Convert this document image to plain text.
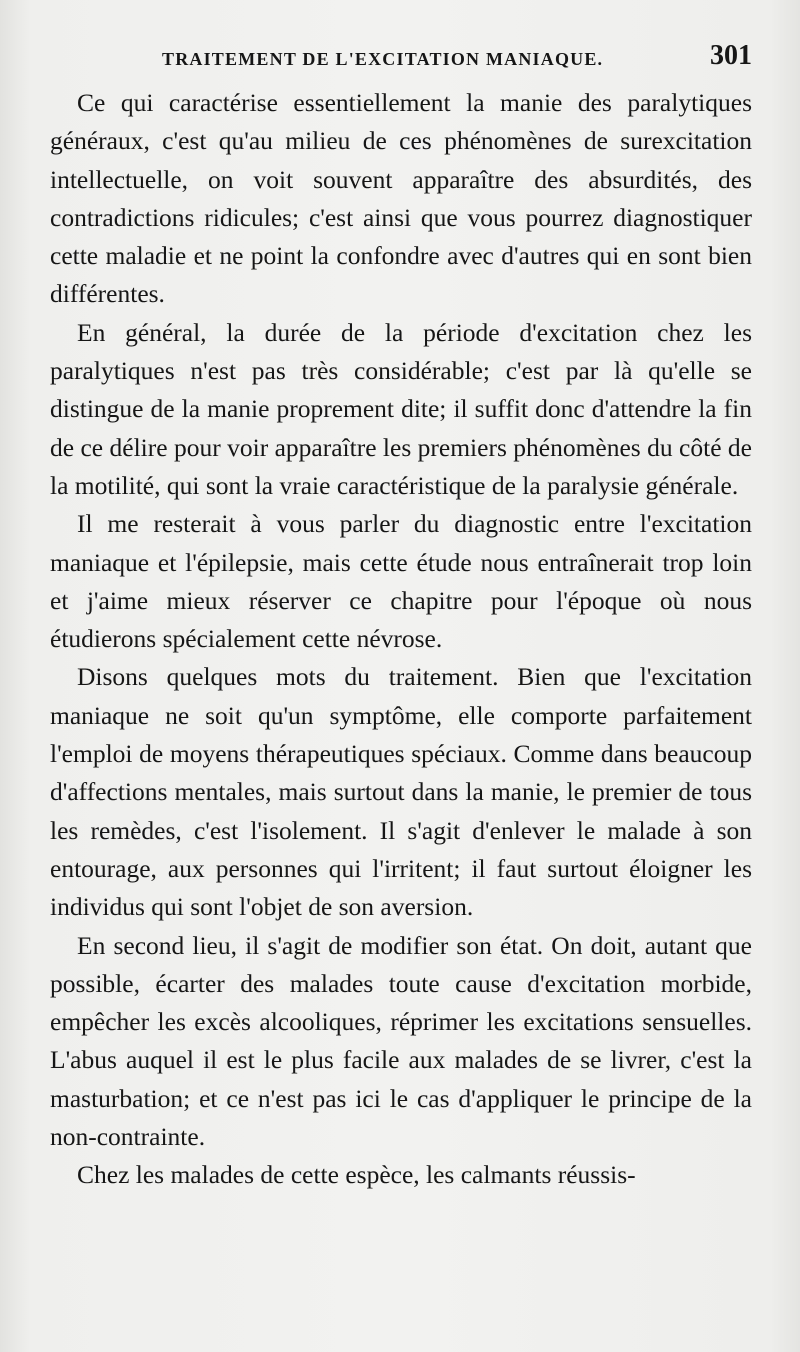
TRAITEMENT DE L'EXCITATION MANIAQUE.	301

Ce qui caractérise essentiellement la manie des paralytiques généraux, c'est qu'au milieu de ces phénomènes de surexcitation intellectuelle, on voit souvent apparaître des absurdités, des contradictions ridicules; c'est ainsi que vous pourrez diagnostiquer cette maladie et ne point la confondre avec d'autres qui en sont bien différentes.

En général, la durée de la période d'excitation chez les paralytiques n'est pas très considérable; c'est par là qu'elle se distingue de la manie proprement dite; il suffit donc d'attendre la fin de ce délire pour voir apparaître les premiers phénomènes du côté de la motilité, qui sont la vraie caractéristique de la paralysie générale.

Il me resterait à vous parler du diagnostic entre l'excitation maniaque et l'épilepsie, mais cette étude nous entraînerait trop loin et j'aime mieux réserver ce chapitre pour l'époque où nous étudierons spécialement cette névrose.

Disons quelques mots du traitement. Bien que l'excitation maniaque ne soit qu'un symptôme, elle comporte parfaitement l'emploi de moyens thérapeutiques spéciaux. Comme dans beaucoup d'affections mentales, mais surtout dans la manie, le premier de tous les remèdes, c'est l'isolement. Il s'agit d'enlever le malade à son entourage, aux personnes qui l'irritent; il faut surtout éloigner les individus qui sont l'objet de son aversion.

En second lieu, il s'agit de modifier son état. On doit, autant que possible, écarter des malades toute cause d'excitation morbide, empêcher les excès alcooliques, réprimer les excitations sensuelles. L'abus auquel il est le plus facile aux malades de se livrer, c'est la masturbation; et ce n'est pas ici le cas d'appliquer le principe de la non-contrainte.

Chez les malades de cette espèce, les calmants réussis-
